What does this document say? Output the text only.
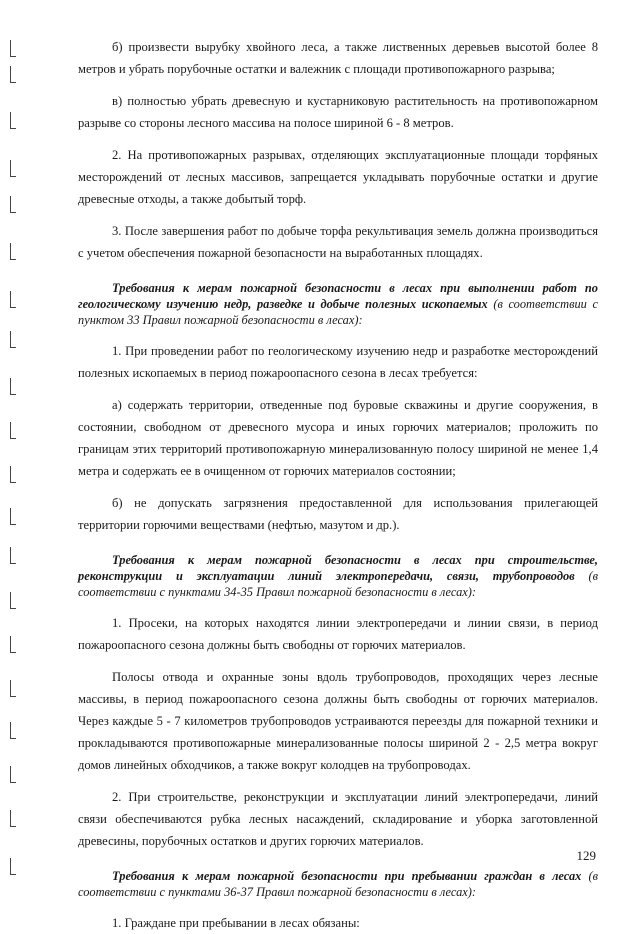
б) произвести вырубку хвойного леса, а также лиственных деревьев высотой более 8 метров и убрать порубочные остатки и валежник с площади противопожарного разрыва;

в) полностью убрать древесную и кустарниковую растительность на противопожарном разрыве со стороны лесного массива на полосе шириной 6 - 8 метров.

2. На противопожарных разрывах, отделяющих эксплуатационные площади торфяных месторождений от лесных массивов, запрещается укладывать порубочные остатки и другие древесные отходы, а также добытый торф.

3. После завершения работ по добыче торфа рекультивация земель должна производиться с учетом обеспечения пожарной безопасности на выработанных площадях.

Требования к мерам пожарной безопасности в лесах при выполнении работ по геологическому изучению недр, разведке и добыче полезных ископаемых (в соответствии с пунктом 33 Правил пожарной безопасности в лесах):

1. При проведении работ по геологическому изучению недр и разработке месторождений полезных ископаемых в период пожароопасного сезона в лесах требуется:

а) содержать территории, отведенные под буровые скважины и другие сооружения, в состоянии, свободном от древесного мусора и иных горючих материалов; проложить по границам этих территорий противопожарную минерализованную полосу шириной не менее 1,4 метра и содержать ее в очищенном от горючих материалов состоянии;

б) не допускать загрязнения предоставленной для использования прилегающей территории горючими веществами (нефтью, мазутом и др.).

Требования к мерам пожарной безопасности в лесах при строительстве, реконструкции и эксплуатации линий электропередачи, связи, трубопроводов (в соответствии с пунктами 34-35 Правил пожарной безопасности в лесах):

1. Просеки, на которых находятся линии электропередачи и линии связи, в период пожароопасного сезона должны быть свободны от горючих материалов.

Полосы отвода и охранные зоны вдоль трубопроводов, проходящих через лесные массивы, в период пожароопасного сезона должны быть свободны от горючих материалов. Через каждые 5 - 7 километров трубопроводов устраиваются переезды для пожарной техники и прокладываются противопожарные минерализованные полосы шириной 2 - 2,5 метра вокруг домов линейных обходчиков, а также вокруг колодцев на трубопроводах.

2. При строительстве, реконструкции и эксплуатации линий электропередачи, линий связи обеспечиваются рубка лесных насаждений, складирование и уборка заготовленной древесины, порубочных остатков и других горючих материалов.

Требования к мерам пожарной безопасности при пребывании граждан в лесах (в соответствии с пунктами 36-37 Правил пожарной безопасности в лесах):

1. Граждане при пребывании в лесах обязаны:

129
